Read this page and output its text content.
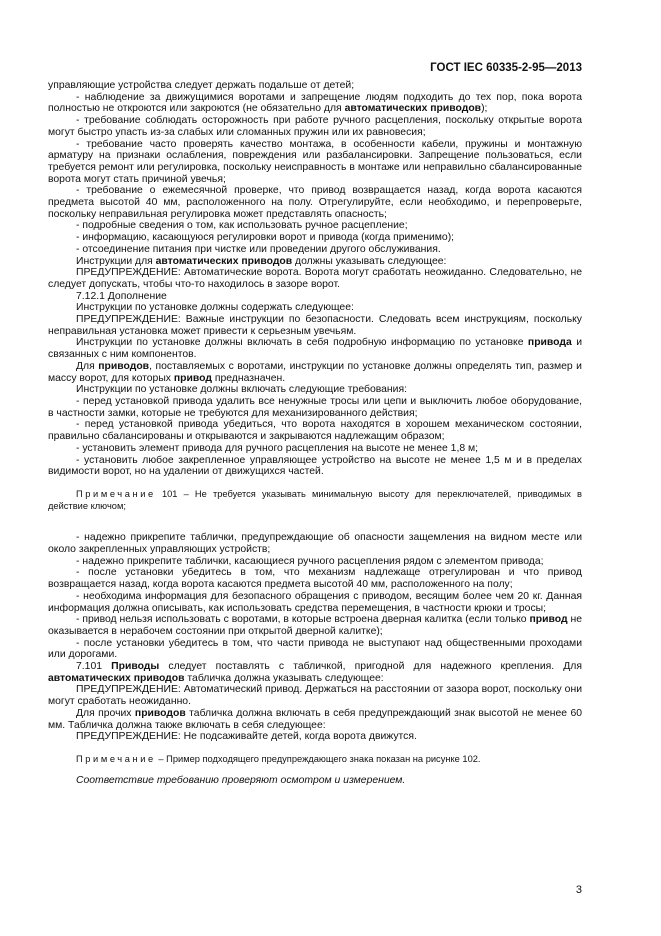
ГОСТ IEC 60335-2-95—2013

управляющие устройства следует держать подальше от детей;

- наблюдение за движущимися воротами и запрещение людям подходить до тех пор, пока ворота полностью не откроются или закроются (не обязательно для автоматических приводов);

- требование соблюдать осторожность при работе ручного расцепления, поскольку открытые ворота могут быстро упасть из-за слабых или сломанных пружин или их равновесия;

- требование часто проверять качество монтажа, в особенности кабели, пружины и монтажную арматуру на признаки ослабления, повреждения или разбалансировки. Запрещение пользоваться, если требуется ремонт или регулировка, поскольку неисправность в монтаже или неправильно сбалансированные ворота могут стать причиной увечья;

- требование о ежемесячной проверке, что привод возвращается назад, когда ворота касаются предмета высотой 40 мм, расположенного на полу. Отрегулируйте, если необходимо, и перепроверьте, поскольку неправильная регулировка может представлять опасность;

- подробные сведения о том, как использовать ручное расцепление;

- информацию, касающуюся регулировки ворот и привода (когда применимо);

- отсоединение питания при чистке или проведении другого обслуживания.

Инструкции для автоматических приводов должны указывать следующее:

ПРЕДУПРЕЖДЕНИЕ: Автоматические ворота. Ворота могут сработать неожиданно. Следовательно, не следует допускать, чтобы что-то находилось в зазоре ворот.

7.12.1 Дополнение

Инструкции по установке должны содержать следующее:

ПРЕДУПРЕЖДЕНИЕ: Важные инструкции по безопасности. Следовать всем инструкциям, поскольку неправильная установка может привести к серьезным увечьям.

Инструкции по установке должны включать в себя подробную информацию по установке привода и связанных с ним компонентов.

Для приводов, поставляемых с воротами, инструкции по установке должны определять тип, размер и массу ворот, для которых привод предназначен.

Инструкции по установке должны включать следующие требования:

- перед установкой привода удалить все ненужные тросы или цепи и выключить любое оборудование, в частности замки, которые не требуются для механизированного действия;

- перед установкой привода убедиться, что ворота находятся в хорошем механическом состоянии, правильно сбалансированы и открываются и закрываются надлежащим образом;

- установить элемент привода для ручного расцепления на высоте не менее 1,8 м;

- установить любое закрепленное управляющее устройство на высоте не менее 1,5 м и в пределах видимости ворот, но на удалении от движущихся частей.

Примечание 101 – Не требуется указывать минимальную высоту для переключателей, приводимых в действие ключом;

- надежно прикрепите таблички, предупреждающие об опасности защемления на видном месте или около закрепленных управляющих устройств;

- надежно прикрепите таблички, касающиеся ручного расцепления рядом с элементом привода;

- после установки убедитесь в том, что механизм надлежаще отрегулирован и что привод возвращается назад, когда ворота касаются предмета высотой 40 мм, расположенного на полу;

- необходима информация для безопасного обращения с приводом, весящим более чем 20 кг. Данная информация должна описывать, как использовать средства перемещения, в частности крюки и тросы;

- привод нельзя использовать с воротами, в которые встроена дверная калитка (если только привод не оказывается в нерабочем состоянии при открытой дверной калитке);

- после установки убедитесь в том, что части привода не выступают над общественными проходами или дорогами.

7.101 Приводы следует поставлять с табличкой, пригодной для надежного крепления. Для автоматических приводов табличка должна указывать следующее:

ПРЕДУПРЕЖДЕНИЕ: Автоматический привод. Держаться на расстоянии от зазора ворот, поскольку они могут сработать неожиданно.

Для прочих приводов табличка должна включать в себя предупреждающий знак высотой не менее 60 мм. Табличка должна также включать в себя следующее:

ПРЕДУПРЕЖДЕНИЕ: Не подсаживайте детей, когда ворота движутся.

Примечание – Пример подходящего предупреждающего знака показан на рисунке 102.

Соответствие требованию проверяют осмотром и измерением.

3
